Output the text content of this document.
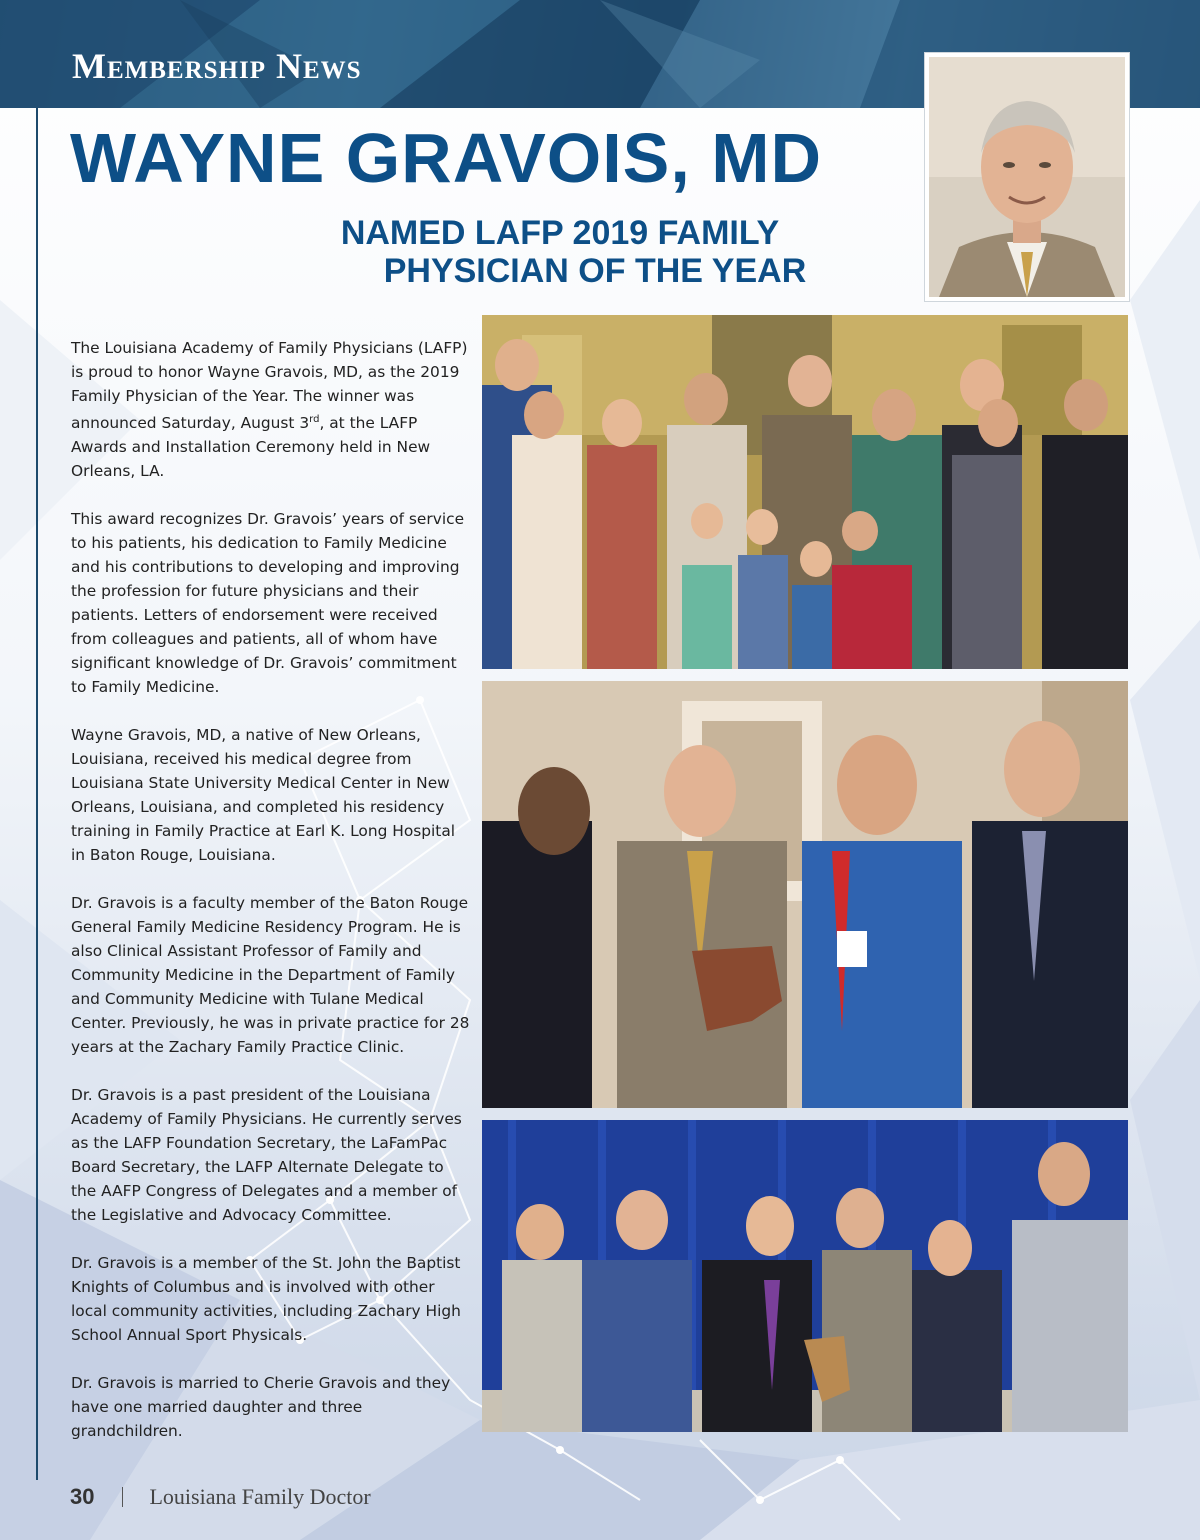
Membership News
WAYNE GRAVOIS, MD
NAMED LAFP 2019 FAMILY
PHYSICIAN OF THE YEAR

The Louisiana Academy of Family Physicians (LAFP) is proud to honor Wayne Gravois, MD, as the 2019 Family Physician of the Year. The winner was announced Saturday, August 3rd, at the LAFP Awards and Installation Ceremony held in New Orleans, LA.

This award recognizes Dr. Gravois’ years of service to his patients, his dedication to Family Medicine and his contributions to developing and improving the profession for future physicians and their patients. Letters of endorsement were received from colleagues and patients, all of whom have significant knowledge of Dr. Gravois’ commitment to Family Medicine.

Wayne Gravois, MD, a native of New Orleans, Louisiana, received his medical degree from Louisiana State University Medical Center in New Orleans, Louisiana, and completed his residency training in Family Practice at Earl K. Long Hospital in Baton Rouge, Louisiana.

Dr. Gravois is a faculty member of the Baton Rouge General Family Medicine Residency Program. He is also Clinical Assistant Professor of Family and Community Medicine in the Department of Family and Community Medicine with Tulane Medical Center. Previously, he was in private practice for 28 years at the Zachary Family Practice Clinic.

Dr. Gravois is a past president of the Louisiana Academy of Family Physicians. He currently serves as the LAFP Foundation Secretary, the LaFamPac Board Secretary, the LAFP Alternate Delegate to the AAFP Congress of Delegates and a member of the Legislative and Advocacy Committee.

Dr. Gravois is a member of the St. John the Baptist Knights of Columbus and is involved with other local community activities, including Zachary High School Annual Sport Physicals.

Dr. Gravois is married to Cherie Gravois and they have one married daughter and three grandchildren.

30	Louisiana Family Doctor
